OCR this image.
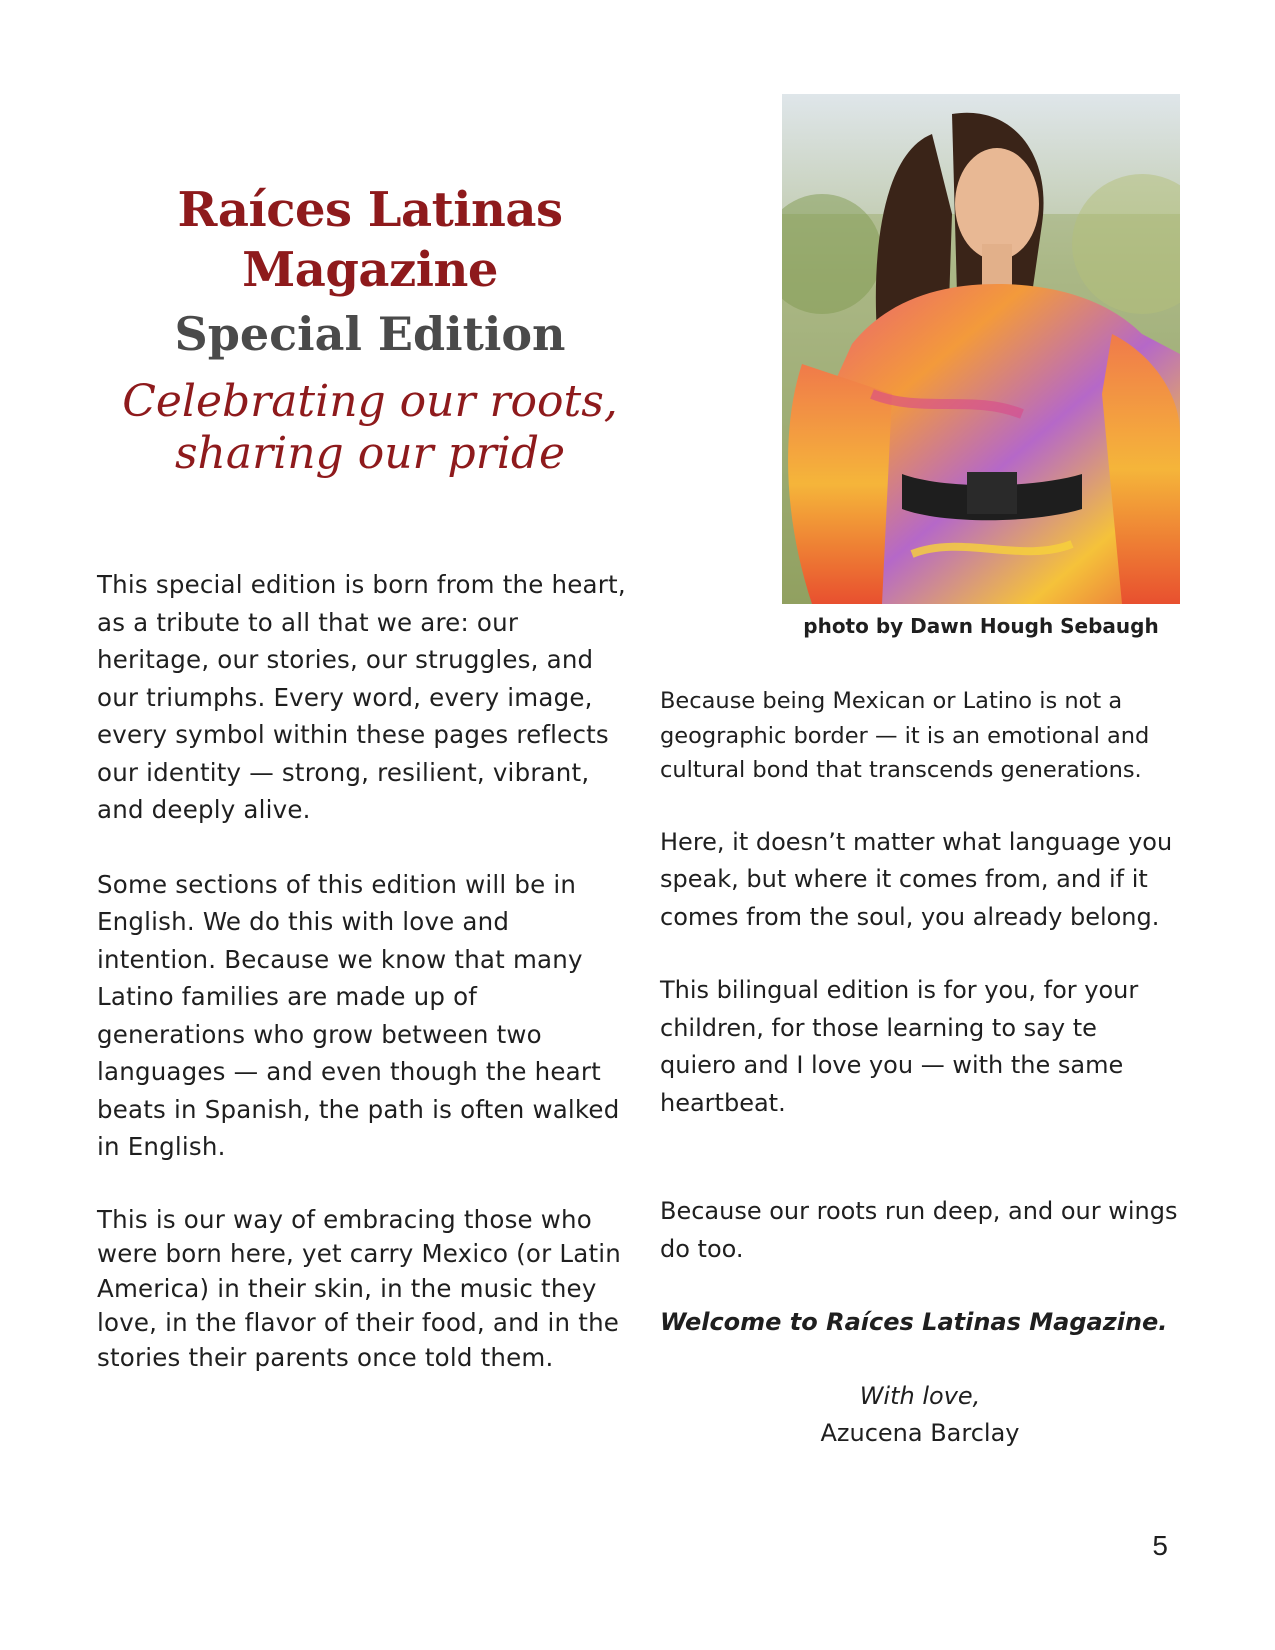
Raíces Latinas Magazine
Special Edition
Celebrating our roots,
sharing our pride

This special edition is born from the heart, as a tribute to all that we are: our heritage, our stories, our struggles, and our triumphs. Every word, every image, every symbol within these pages reflects our identity — strong, resilient, vibrant, and deeply alive.

Some sections of this edition will be in English. We do this with love and intention. Because we know that many Latino families are made up of generations who grow between two languages — and even though the heart beats in Spanish, the path is often walked in English.

This is our way of embracing those who were born here, yet carry Mexico (or Latin America) in their skin, in the music they love, in the flavor of their food, and in the stories their parents once told them.

photo by Dawn Hough Sebaugh

Because being Mexican or Latino is not a geographic border — it is an emotional and cultural bond that transcends generations.

Here, it doesn’t matter what language you speak, but where it comes from, and if it comes from the soul, you already belong.

This bilingual edition is for you, for your children, for those learning to say te quiero and I love you — with the same heartbeat.

Because our roots run deep, and our wings do too.

Welcome to Raíces Latinas Magazine.

With love,
Azucena Barclay
5
